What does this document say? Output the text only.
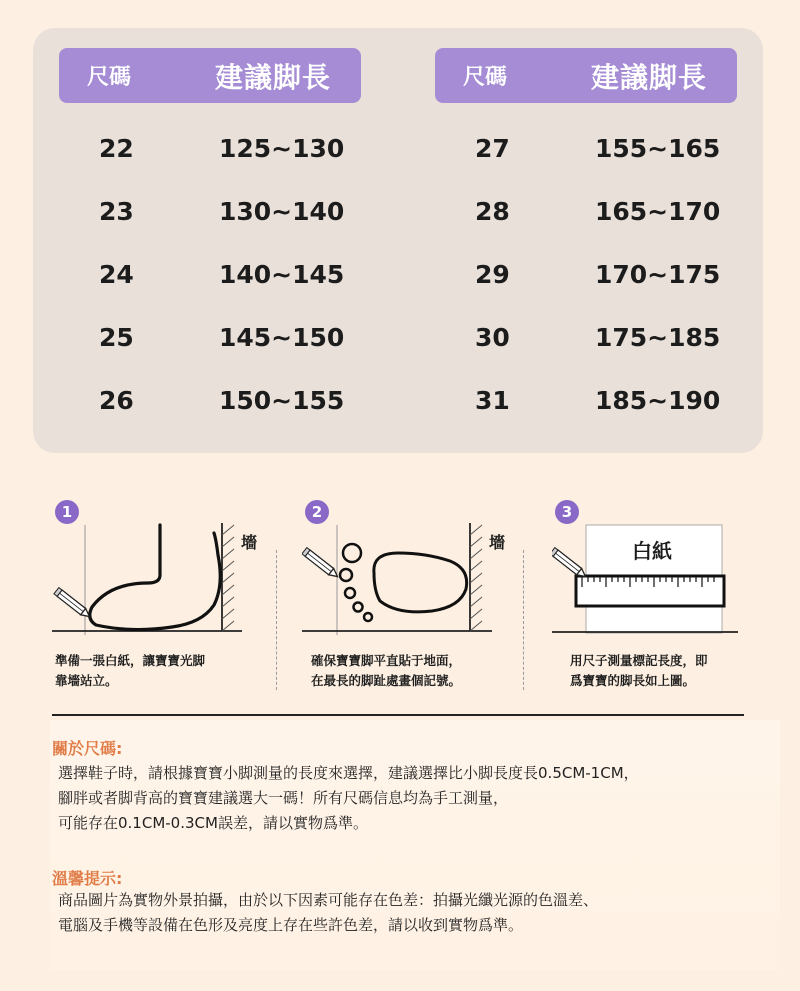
尺碼	建議脚長
22	125~130
23	130~140
24	140~145
25	145~150
26	150~155
尺碼	建議脚長
27	155~165
28	165~170
29	170~175
30	175~185
31	185~190
1
墻
準備一張白紙，讓寶寶光脚
靠墻站立。
2
墻
確保寶寶脚平直貼于地面，
在最長的脚趾處畫個記號。
3
白紙
用尺子測量標記長度，即
爲寶寶的脚長如上圖。
關於尺碼:
選擇鞋子時，請根據寶寶小脚測量的長度來選擇，建議選擇比小脚長度長0.5CM-1CM，
腳胖或者脚背高的寶寶建議選大一碼！所有尺碼信息均為手工測量，
可能存在0.1CM-0.3CM誤差，請以實物爲準。
溫馨提示:
商品圖片為實物外景拍攝，由於以下因素可能存在色差：拍攝光纖光源的色溫差、
電腦及手機等設備在色形及亮度上存在些許色差，請以收到實物爲準。
